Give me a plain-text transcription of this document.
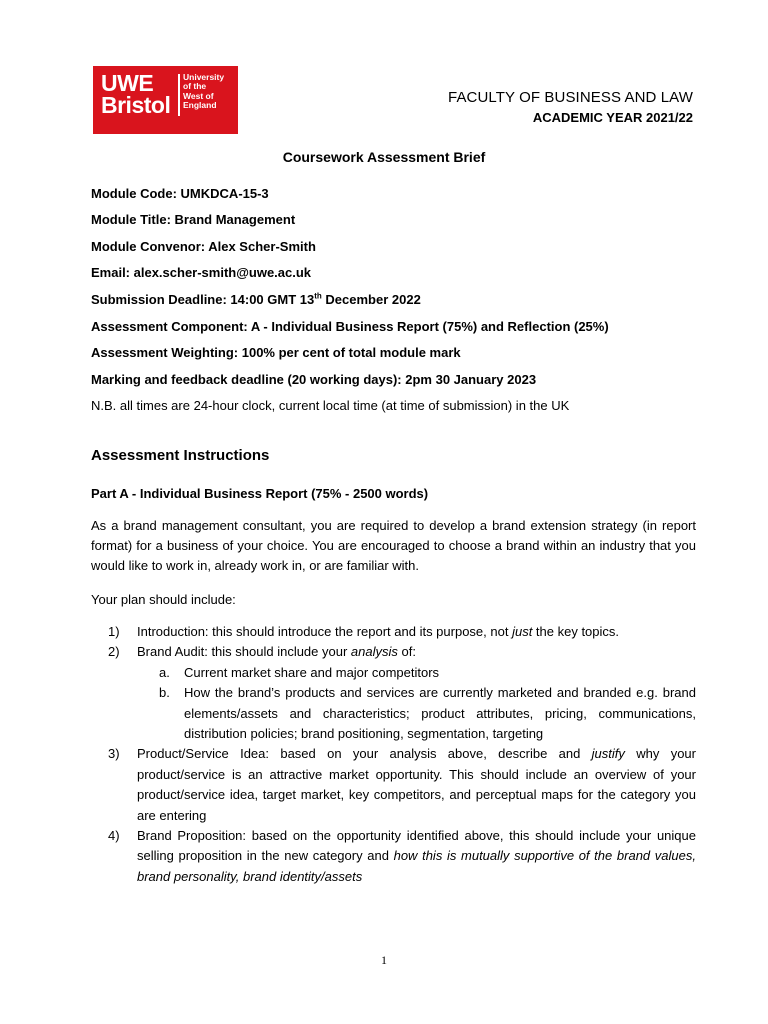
UWE
Bristol
University
of the
West of
England	FACULTY OF BUSINESS AND LAW
ACADEMIC YEAR 2021/22
Coursework Assessment Brief
Module Code: UMKDCA-15-3
Module Title: Brand Management
Module Convenor: Alex Scher-Smith
Email: alex.scher-smith@uwe.ac.uk
Submission Deadline: 14:00 GMT 13th December 2022
Assessment Component: A - Individual Business Report (75%) and Reflection (25%)
Assessment Weighting: 100% per cent of total module mark
Marking and feedback deadline (20 working days): 2pm 30 January 2023
N.B. all times are 24-hour clock, current local time (at time of submission) in the UK
Assessment Instructions
Part A - Individual Business Report (75% - 2500 words)
As a brand management consultant, you are required to develop a brand extension strategy (in report format) for a business of your choice. You are encouraged to choose a brand within an industry that you would like to work in, already work in, or are familiar with.
Your plan should include:
1) Introduction: this should introduce the report and its purpose, not just the key topics.
2) Brand Audit: this should include your analysis of:
a. Current market share and major competitors
b. How the brand’s products and services are currently marketed and branded e.g. brand elements/assets and characteristics; product attributes, pricing, communications, distribution policies; brand positioning, segmentation, targeting
3) Product/Service Idea: based on your analysis above, describe and justify why your product/service is an attractive market opportunity. This should include an overview of your product/service idea, target market, key competitors, and perceptual maps for the category you are entering
4) Brand Proposition: based on the opportunity identified above, this should include your unique selling proposition in the new category and how this is mutually supportive of the brand values, brand personality, brand identity/assets
1
